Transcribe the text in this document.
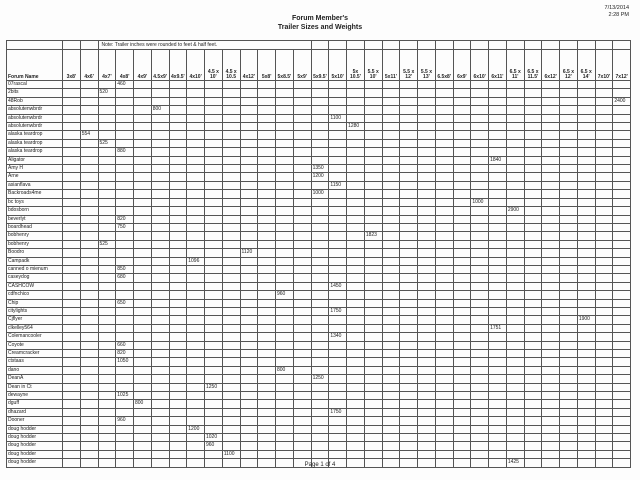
7/13/2014
2:28 PM
Forum Member's
Trailer Sizes and Weights
			Note: Trailer inches were rounded to feet & half feet.																													
Forum Name	3x8'	4x6'	4x7'	4x8'	4x9'	4.5x9'	4x9.5'	4x10'	4.5 x 10'	4.5 x 10.5	4x12'	5x8'	5x8.5'	5x9'	5x9.5'	5x10'	5x 10.5'	5.5 x 10'	5x11'	5.5 x 12'	5.5 x 13'	6.5x8'	6x9'	6x10'	6x11'	6.5 x 11'	6.5 x 11.5'	6x12'	6.5 x 12'	6.5 x 14'	7x10'	7x12'
07rascal				460																												
2bits			520																													
48Rob																																2400
absolutenwbrdr						800																										
absolutenwbrdr																1100																
absolutenwbrdr																	1280															
alaska teardrop		554																														
alaska teardrop			525																													
alaska teardrop				880																												
Aligator																									1840							
Amy H															1350																	
Arne															1200																	
asianflava																1150																
Backroads4me															1000																	
bc toys																								1000								
bdosborn																										2900						
beverlyt				820																												
boardhead				750																												
bobhenry																		1823														
bobhenry			525																													
Boodro											1120																					
Campadk								1096																								
canned o mienum				850																												
caseydog				680																												
CASHCOW																1450																
cdfnchico													960																			
Chip				650																												
citylights																1750																
Cjflyer																														1900		
clkelley564																									1751							
Colemancooler																1340																
Coyote				660																												
Creamcracker				820																												
ctstaas				1050																												
dano													800																			
DeanA															1250																	
Dean in Ct									1250																							
dewayne				1025																												
dguff					800																											
dhazard																1750																
Dooner				960																												
doug hodder								1200																								
doug hodder									1020																							
doug hodder									960																							
doug hodder										1100																						
doug hodder																										1425						
Page 1 of 4
